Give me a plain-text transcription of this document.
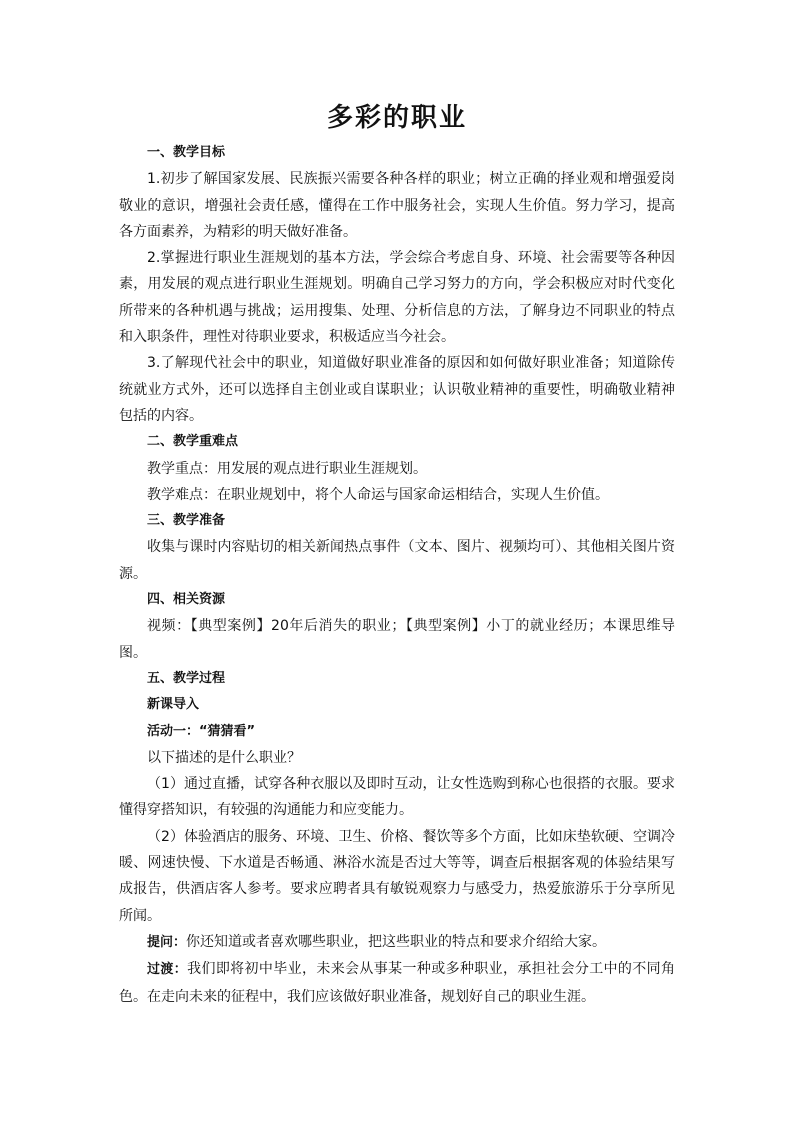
多彩的职业

一、教学目标

1.初步了解国家发展、民族振兴需要各种各样的职业；树立正确的择业观和增强爱岗敬业的意识，增强社会责任感，懂得在工作中服务社会，实现人生价值。努力学习，提高各方面素养，为精彩的明天做好准备。

2.掌握进行职业生涯规划的基本方法，学会综合考虑自身、环境、社会需要等各种因素，用发展的观点进行职业生涯规划。明确自己学习努力的方向，学会积极应对时代变化所带来的各种机遇与挑战；运用搜集、处理、分析信息的方法，了解身边不同职业的特点和入职条件，理性对待职业要求，积极适应当今社会。

3.了解现代社会中的职业，知道做好职业准备的原因和如何做好职业准备；知道除传统就业方式外，还可以选择自主创业或自谋职业；认识敬业精神的重要性，明确敬业精神包括的内容。

二、教学重难点

教学重点：用发展的观点进行职业生涯规划。

教学难点：在职业规划中，将个人命运与国家命运相结合，实现人生价值。

三、教学准备

收集与课时内容贴切的相关新闻热点事件（文本、图片、视频均可）、其他相关图片资源。

四、相关资源

视频：【典型案例】20年后消失的职业；【典型案例】小丁的就业经历；本课思维导图。

五、教学过程

新课导入

活动一：“猜猜看”

以下描述的是什么职业？

（1）通过直播，试穿各种衣服以及即时互动，让女性选购到称心也很搭的衣服。要求懂得穿搭知识，有较强的沟通能力和应变能力。

（2）体验酒店的服务、环境、卫生、价格、餐饮等多个方面，比如床垫软硬、空调冷暖、网速快慢、下水道是否畅通、淋浴水流是否过大等等，调查后根据客观的体验结果写成报告，供酒店客人参考。要求应聘者具有敏锐观察力与感受力，热爱旅游乐于分享所见所闻。

提问：你还知道或者喜欢哪些职业，把这些职业的特点和要求介绍给大家。

过渡：我们即将初中毕业，未来会从事某一种或多种职业，承担社会分工中的不同角色。在走向未来的征程中，我们应该做好职业准备，规划好自己的职业生涯。
